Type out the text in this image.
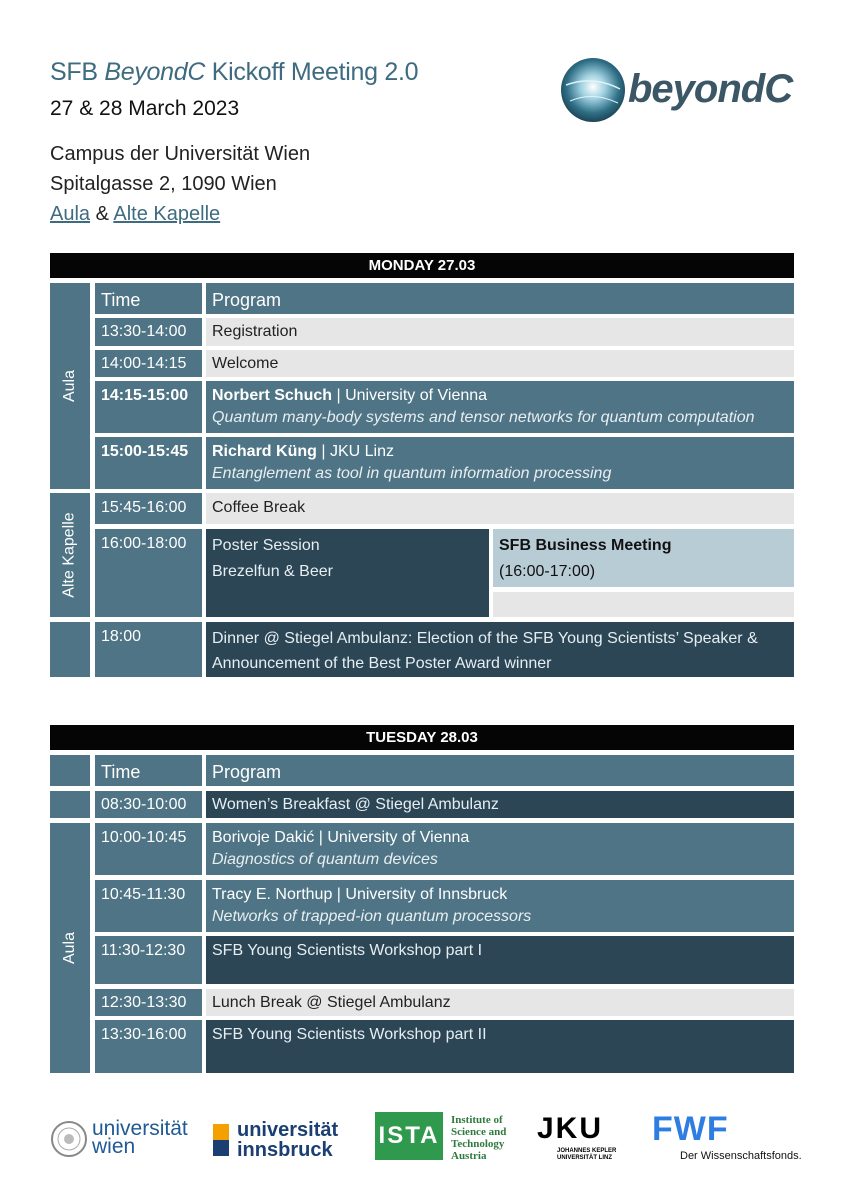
SFB BeyondC Kickoff Meeting 2.0
27 & 28 March 2023
Campus der Universität Wien
Spitalgasse 2, 1090 Wien
Aula & Alte Kapelle
beyondC
MONDAY 27.03
Aula
Alte Kapelle
Time	Program
13:30-14:00	Registration
14:00-14:15	Welcome
14:15-15:00	Norbert Schuch | University of Vienna
Quantum many-body systems and tensor networks for quantum computation
15:00-15:45	Richard Küng | JKU Linz
Entanglement as tool in quantum information processing
15:45-16:00	Coffee Break
16:00-18:00	Poster Session
Brezelfun & Beer
SFB Business Meeting
(16:00-17:00)
18:00	Dinner @ Stiegel Ambulanz: Election of the SFB Young Scientists’ Speaker &
Announcement of the Best Poster Award winner
TUESDAY 28.03
Time	Program
08:30-10:00	Women’s Breakfast @ Stiegel Ambulanz
Aula
10:00-10:45	Borivoje Dakić | University of Vienna
Diagnostics of quantum devices
10:45-11:30	Tracy E. Northup | University of Innsbruck
Networks of trapped-ion quantum processors
11:30-12:30	SFB Young Scientists Workshop part I
12:30-13:30	Lunch Break @ Stiegel Ambulanz
13:30-16:00	SFB Young Scientists Workshop part II
universität
wien
universität
innsbruck
ISTA
Institute of
Science and
Technology
Austria
JKU
JOHANNES KEPLER
UNIVERSITÄT LINZ
FWF
Der Wissenschaftsfonds.
